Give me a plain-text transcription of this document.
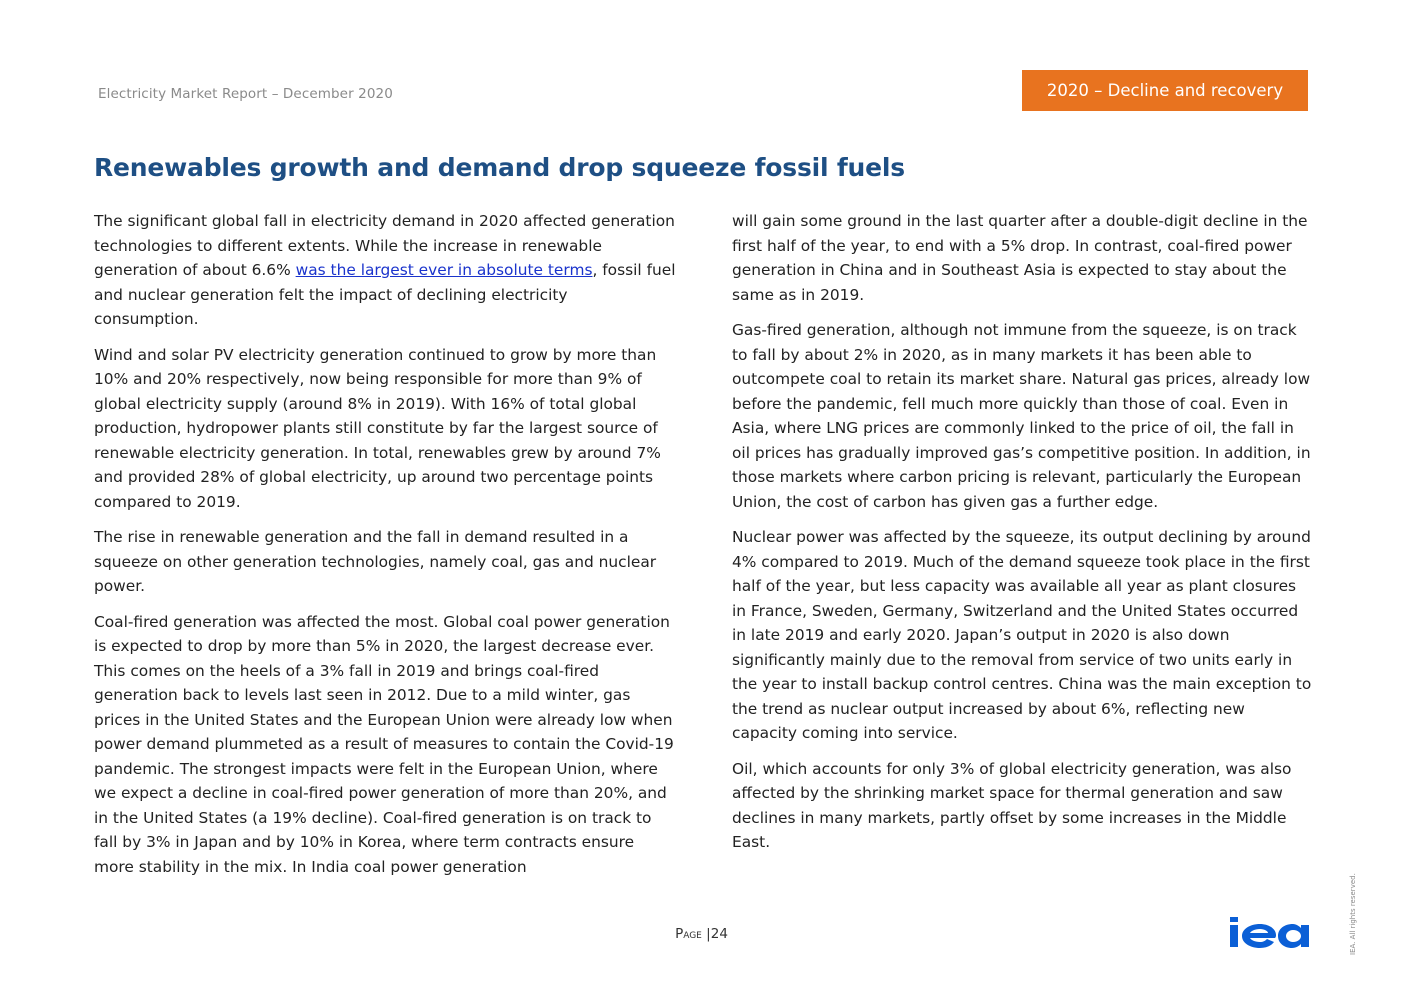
Electricity Market Report – December 2020	2020 – Decline and recovery
Renewables growth and demand drop squeeze fossil fuels

The significant global fall in electricity demand in 2020 affected generation technologies to different extents. While the increase in renewable generation of about 6.6% was the largest ever in absolute terms, fossil fuel and nuclear generation felt the impact of declining electricity consumption.

Wind and solar PV electricity generation continued to grow by more than 10% and 20% respectively, now being responsible for more than 9% of global electricity supply (around 8% in 2019). With 16% of total global production, hydropower plants still constitute by far the largest source of renewable electricity generation. In total, renewables grew by around 7% and provided 28% of global electricity, up around two percentage points compared to 2019.

The rise in renewable generation and the fall in demand resulted in a squeeze on other generation technologies, namely coal, gas and nuclear power.

Coal-fired generation was affected the most. Global coal power generation is expected to drop by more than 5% in 2020, the largest decrease ever. This comes on the heels of a 3% fall in 2019 and brings coal-fired generation back to levels last seen in 2012. Due to a mild winter, gas prices in the United States and the European Union were already low when power demand plummeted as a result of measures to contain the Covid-19 pandemic. The strongest impacts were felt in the European Union, where we expect a decline in coal-fired power generation of more than 20%, and in the United States (a 19% decline). Coal-fired generation is on track to fall by 3% in Japan and by 10% in Korea, where term contracts ensure more stability in the mix. In India coal power generation

will gain some ground in the last quarter after a double-digit decline in the first half of the year, to end with a 5% drop. In contrast, coal-fired power generation in China and in Southeast Asia is expected to stay about the same as in 2019.

Gas-fired generation, although not immune from the squeeze, is on track to fall by about 2% in 2020, as in many markets it has been able to outcompete coal to retain its market share. Natural gas prices, already low before the pandemic, fell much more quickly than those of coal. Even in Asia, where LNG prices are commonly linked to the price of oil, the fall in oil prices has gradually improved gas’s competitive position. In addition, in those markets where carbon pricing is relevant, particularly the European Union, the cost of carbon has given gas a further edge.

Nuclear power was affected by the squeeze, its output declining by around 4% compared to 2019. Much of the demand squeeze took place in the first half of the year, but less capacity was available all year as plant closures in France, Sweden, Germany, Switzerland and the United States occurred in late 2019 and early 2020. Japan’s output in 2020 is also down significantly mainly due to the removal from service of two units early in the year to install backup control centres. China was the main exception to the trend as nuclear output increased by about 6%, reflecting new capacity coming into service.

Oil, which accounts for only 3% of global electricity generation, was also affected by the shrinking market space for thermal generation and saw declines in many markets, partly offset by some increases in the Middle East.

Page |24	IEA. All rights reserved.
